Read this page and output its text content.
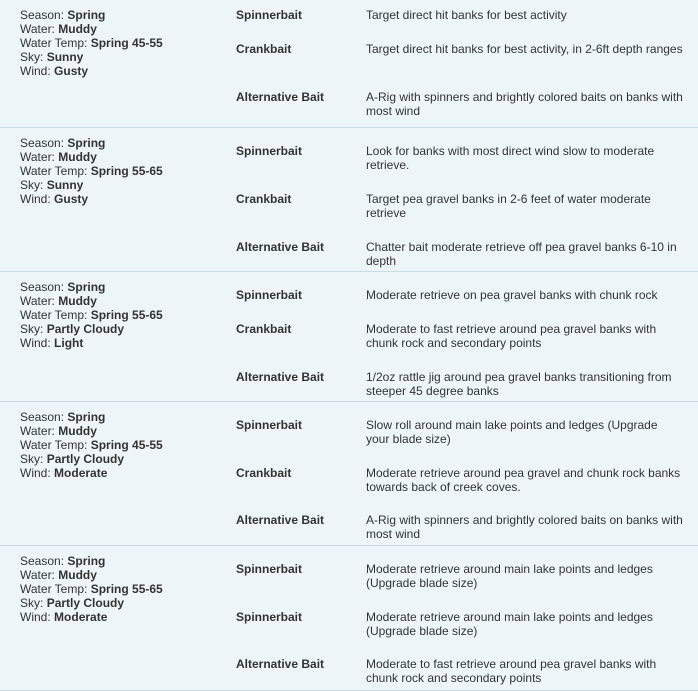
Season: Spring
Water: Muddy
Water Temp: Spring 45-55
Sky: Sunny
Wind: Gusty
Spinnerbait	Target direct hit banks for best activity
Crankbait	Target direct hit banks for best activity, in 2-6ft depth ranges
Alternative Bait	A-Rig with spinners and brightly colored baits on banks with most wind
Season: Spring
Water: Muddy
Water Temp: Spring 55-65
Sky: Sunny
Wind: Gusty
Spinnerbait	Look for banks with most direct wind slow to moderate retrieve.
Crankbait	Target pea gravel banks in 2-6 feet of water moderate retrieve
Alternative Bait	Chatter bait moderate retrieve off pea gravel banks 6-10 in depth
Season: Spring
Water: Muddy
Water Temp: Spring 55-65
Sky: Partly Cloudy
Wind: Light
Spinnerbait	Moderate retrieve on pea gravel banks with chunk rock
Crankbait	Moderate to fast retrieve around pea gravel banks with chunk rock and secondary points
Alternative Bait	1/2oz rattle jig around pea gravel banks transitioning from steeper 45 degree banks
Season: Spring
Water: Muddy
Water Temp: Spring 45-55
Sky: Partly Cloudy
Wind: Moderate
Spinnerbait	Slow roll around main lake points and ledges (Upgrade your blade size)
Crankbait	Moderate retrieve around pea gravel and chunk rock banks towards back of creek coves.
Alternative Bait	A-Rig with spinners and brightly colored baits on banks with most wind
Season: Spring
Water: Muddy
Water Temp: Spring 55-65
Sky: Partly Cloudy
Wind: Moderate
Spinnerbait	Moderate retrieve around main lake points and ledges (Upgrade blade size)
Spinnerbait	Moderate retrieve around main lake points and ledges (Upgrade blade size)
Alternative Bait	Moderate to fast retrieve around pea gravel banks with chunk rock and secondary points
